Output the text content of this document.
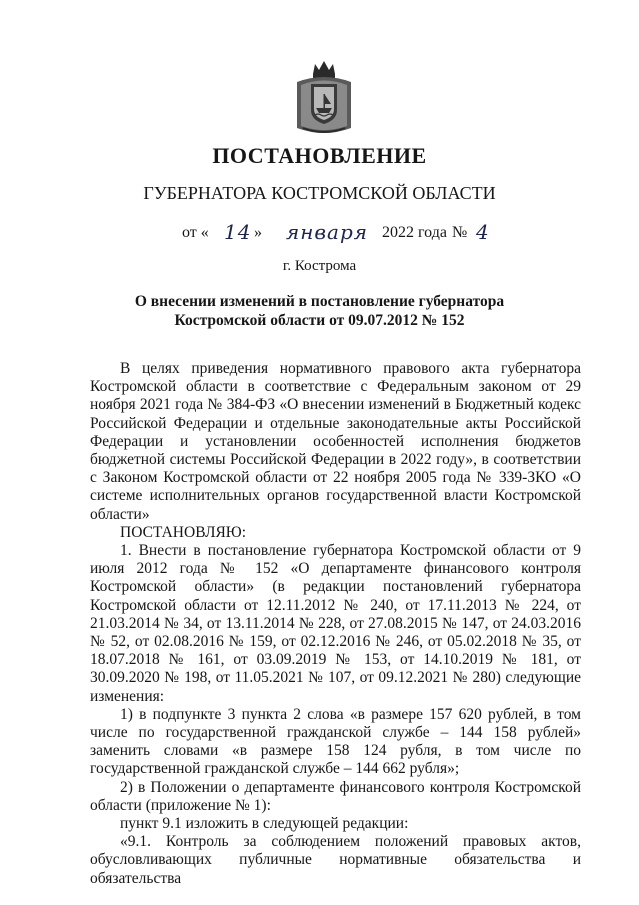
ПОСТАНОВЛЕНИЕ
ГУБЕРНАТОРА КОСТРОМСКОЙ ОБЛАСТИ
от « 14 » января 2022 года № 4

г. Кострома

О внесении изменений в постановление губернатора
Костромской области от 09.07.2012 № 152

В целях приведения нормативного правового акта губернатора Костромской области в соответствие с Федеральным законом от 29 ноября 2021 года № 384-ФЗ «О внесении изменений в Бюджетный кодекс Российской Федерации и отдельные законодательные акты Российской Федерации и установлении особенностей исполнения бюджетов бюджетной системы Российской Федерации в 2022 году», в соответствии с Законом Костромской области от 22 ноября 2005 года № 339-ЗКО «О системе исполнительных органов государственной власти Костромской области»

ПОСТАНОВЛЯЮ:

1. Внести в постановление губернатора Костромской области от 9 июля 2012 года № 152 «О департаменте финансового контроля Костромской области» (в редакции постановлений губернатора Костромской области от 12.11.2012 № 240, от 17.11.2013 № 224, от 21.03.2014 № 34, от 13.11.2014 № 228, от 27.08.2015 № 147, от 24.03.2016 № 52, от 02.08.2016 № 159, от 02.12.2016 № 246, от 05.02.2018 № 35, от 18.07.2018 № 161, от 03.09.2019 № 153, от 14.10.2019 № 181, от 30.09.2020 № 198, от 11.05.2021 № 107, от 09.12.2021 № 280) следующие изменения:

1) в подпункте 3 пункта 2 слова «в размере 157 620 рублей, в том числе по государственной гражданской службе – 144 158 рублей» заменить словами «в размере 158 124 рубля, в том числе по государственной гражданской службе – 144 662 рубля»;

2) в Положении о департаменте финансового контроля Костромской области (приложение № 1):

пункт 9.1 изложить в следующей редакции:

«9.1. Контроль за соблюдением положений правовых актов, обусловливающих публичные нормативные обязательства и обязательства
